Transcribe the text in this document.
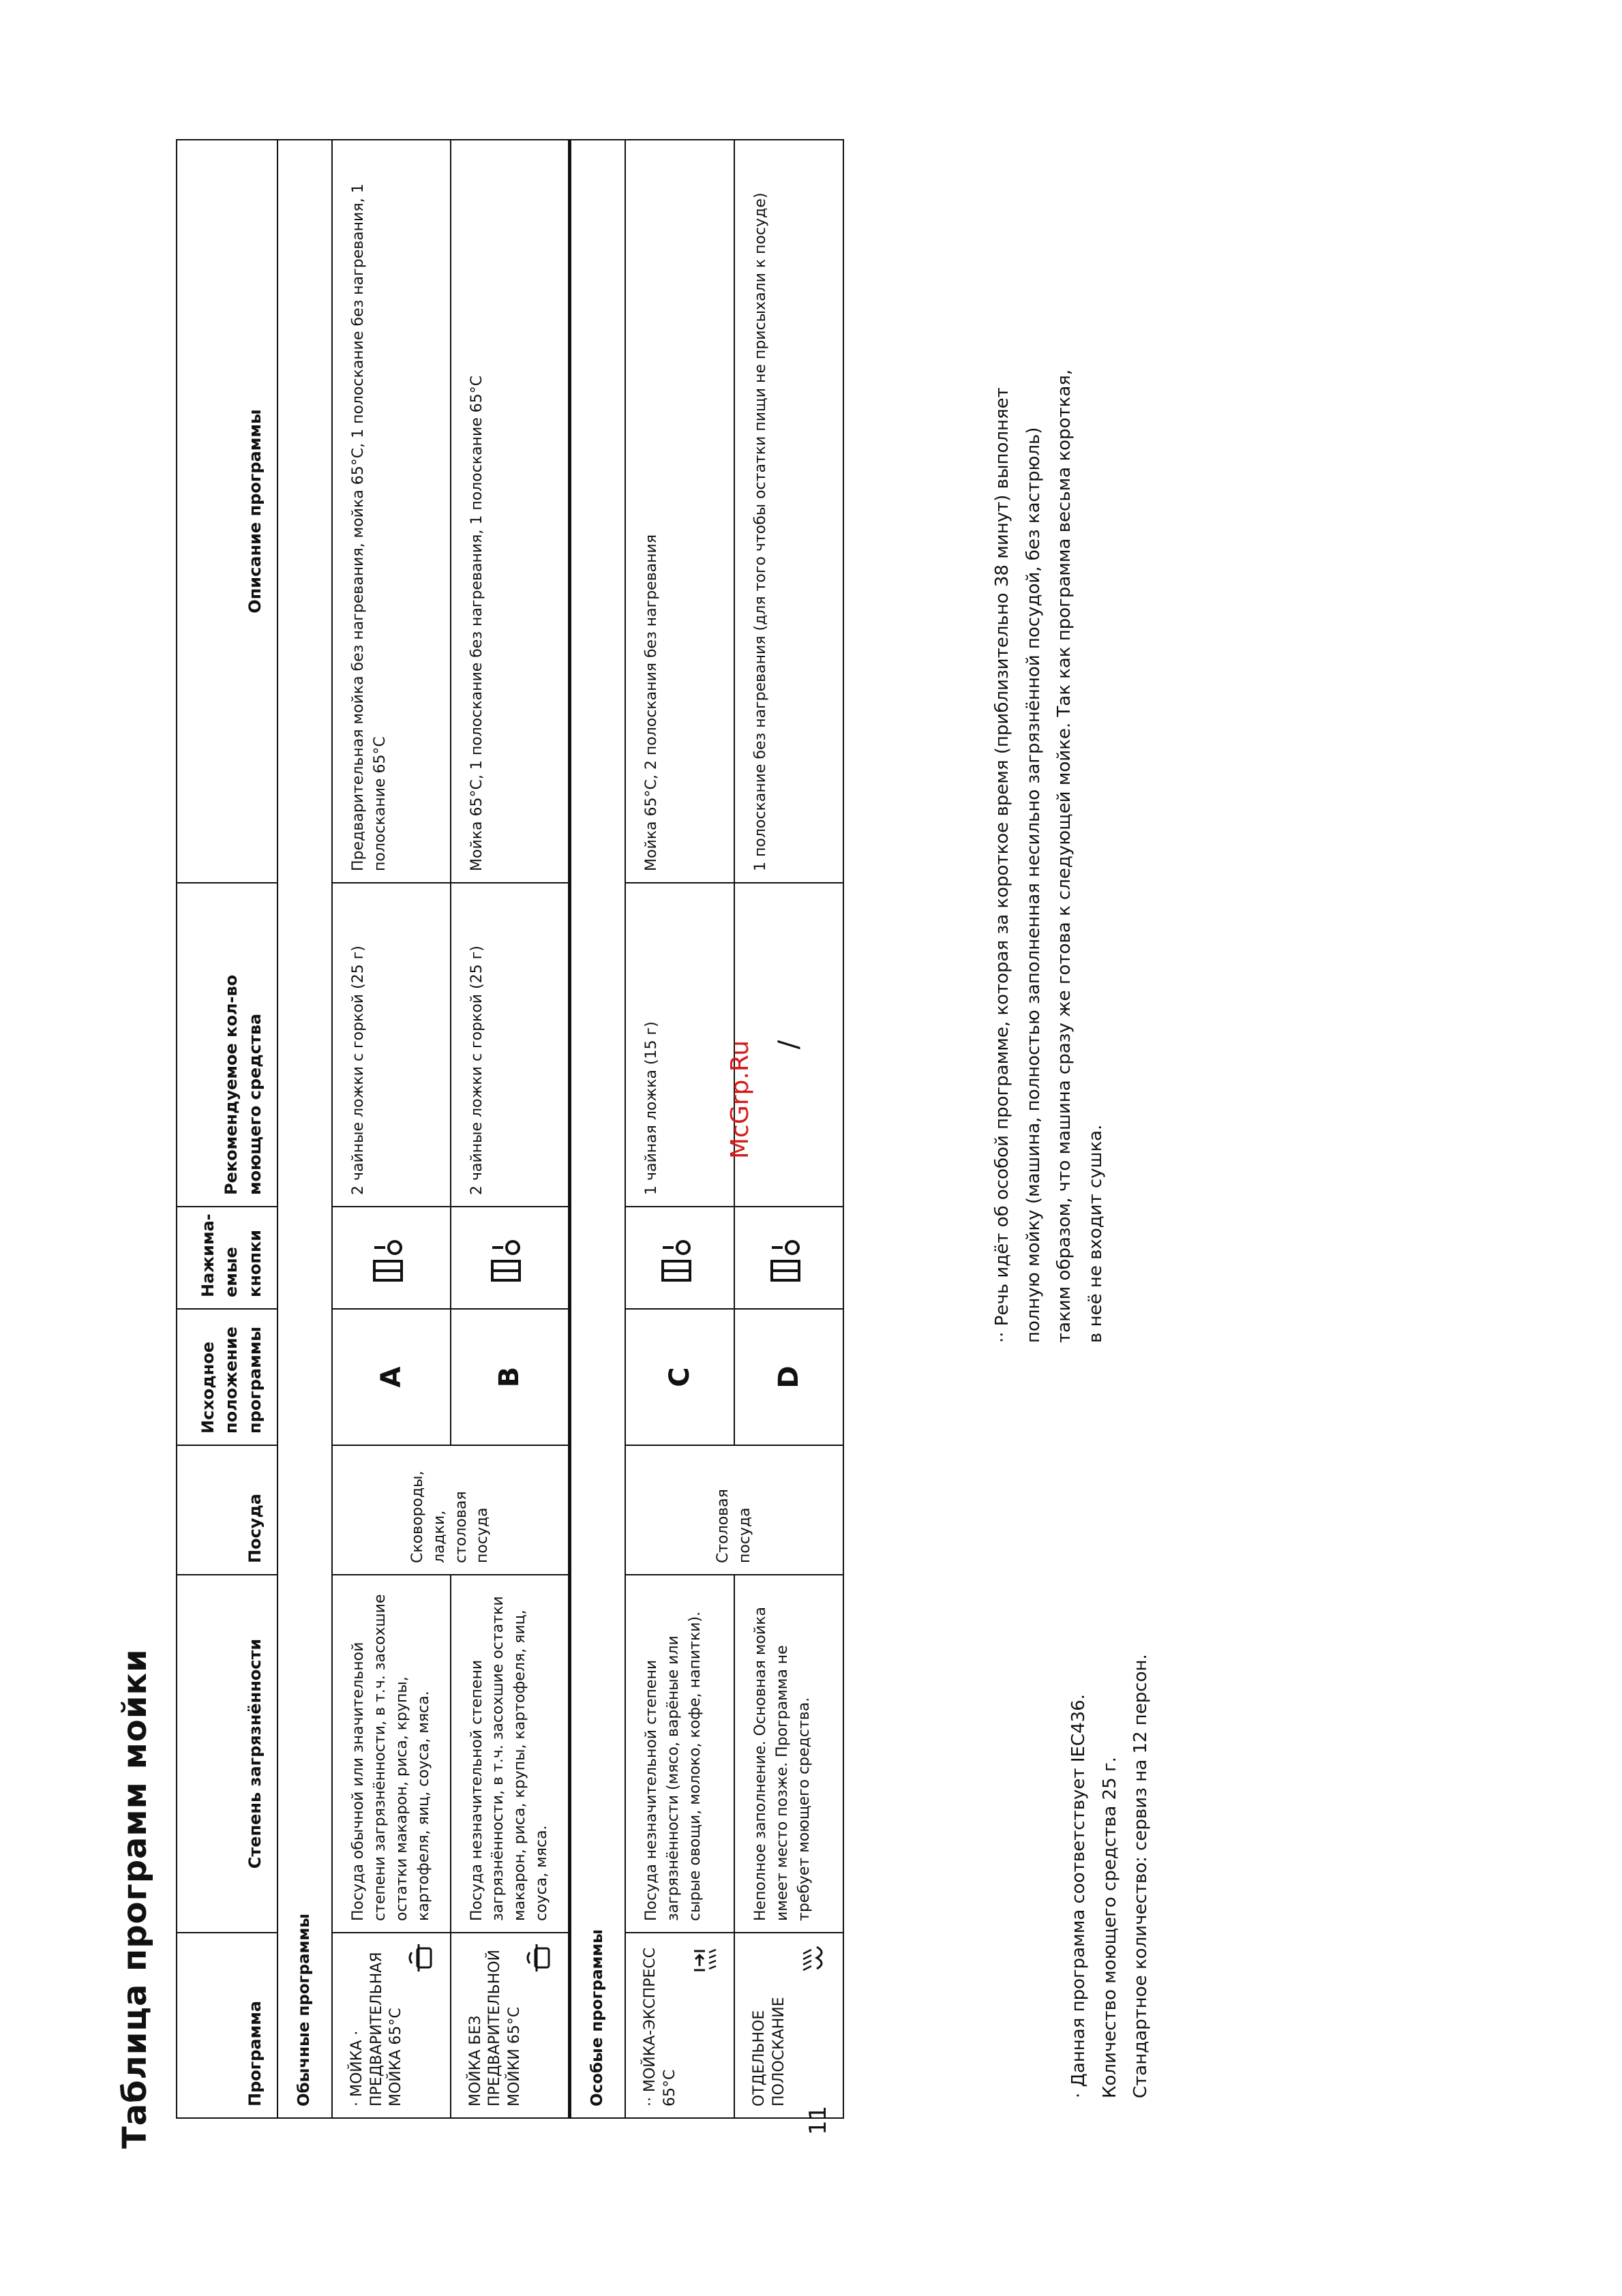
Таблица программ мойки	Программа	Степень загрязнённости	Посуда	Исходное положение программы	Нажима-емые кнопки	Рекомендуемое кол-во моющего средства	Описание программы
Обычные программы						

· МОЙКА · ПРЕДВАРИТЕЛЬНАЯ МОЙКА 65°С	Посуда обычной или значительной степени загрязнённости, в т.ч. засохшие остатки макарон, риса, крупы, картофеля, яиц, соуса, мяса.	Сковороды, ладки, столовая посуда	A		2 чайные ложки с горкой (25 г)	Предварительная мойка без нагревания, мойка 65°С, 1 полоскание без нагревания, 1 полоскание 65°С

МОЙКА БЕЗ ПРЕДВАРИТЕЛЬНОЙ МОЙКИ 65°С	Посуда незначительной степени загрязнённости, в т.ч. засохшие остатки макарон, риса, крупы, картофеля, яиц, соуса, мяса.		B		2 чайные ложки с горкой (25 г)	Мойка 65°С, 1 полоскание без нагревания, 1 полоскание 65°С
Особые программы						

·· МОЙКА-ЭКСПРЕСС 65°С	Посуда незначительной степени загрязнённости (мясо, варёные или сырые овощи, молоко, кофе, напитки).	Столовая посуда	C		1 чайная ложка (15 г)	Мойка 65°С, 2 полоскания без нагревания

ОТДЕЛЬНОЕ ПОЛОСКАНИЕ	Неполное заполнение. Основная мойка имеет место позже. Программа не требует моющего средства.		D		/	1 полоскание без нагревания (для того чтобы остатки пищи не присыхали к посуде)
11
· Данная программа соответствует IEC436. Количество моющего средства 25 г. Стандартное количество: сервиз на 12 персон.
·· Речь идёт об особой программе, которая за короткое время (приблизительно 38 минут) выполняет полную мойку (машина, полностью заполненная несильно загрязнённой посудой, без кастрюль) таким образом, что машина сразу же готова к следующей мойке. Так как программа весьма короткая, в неё не входит сушка.
McGrp.Ru
